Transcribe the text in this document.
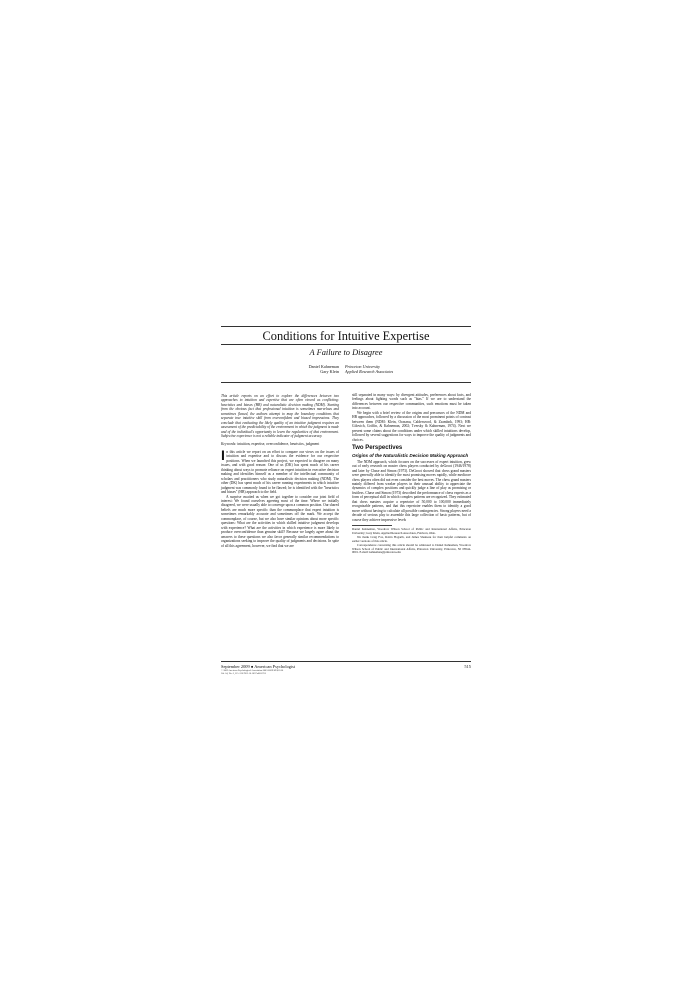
Conditions for Intuitive Expertise
A Failure to Disagree
Daniel Kahneman
Gary Klein
Princeton University
Applied Research Associates

This article reports on an effort to explore the differences between two approaches to intuition and expertise that are often viewed as conflicting: heuristics and biases (HB) and naturalistic decision making (NDM). Starting from the obvious fact that professional intuition is sometimes marvelous and sometimes flawed, the authors attempt to map the boundary conditions that separate true intuitive skill from overconfident and biased impressions. They conclude that evaluating the likely quality of an intuitive judgment requires an assessment of the predictability of the environment in which the judgment is made and of the individual's opportunity to learn the regularities of that environment. Subjective experience is not a reliable indicator of judgment accuracy.

Keywords: intuition, expertise, overconfidence, heuristics, judgment

In this article we report on an effort to compare our views on the issues of intuition and expertise and to discuss the evidence for our respective positions. When we launched this project, we expected to disagree on many issues, and with good reason: One of us (DK) has spent much of his career thinking about ways to promote reliance on expert intuition in executive decision making and identifies himself as a member of the intellectual community of scholars and practitioners who study naturalistic decision making (NDM). The other (DK) has spent much of his career running experiments in which intuitive judgment was commonly found to be flawed; he is identified with the "heuristics and biases" (HB) approach to the field.

A surprise awaited us when we got together to consider our joint field of interest: We found ourselves agreeing most of the time. Where we initially disagreed, we were usually able to converge upon a common position. Our shared beliefs are much more specific than the commonplace that expert intuition is sometimes remarkably accurate and sometimes off the mark. We accept the commonplace, of course, but we also have similar opinions about more specific questions: What are the activities in which skilled intuitive judgment develops with experience? What are the activities in which experience is more likely to produce overconfidence than genuine skill? Because we largely agree about the answers to these questions we also favor generally similar recommendations to organizations seeking to improve the quality of judgments and decisions. In spite of all this agreement, however, we find that we are

still separated in many ways: by divergent attitudes, preferences about facts, and feelings about fighting words such as "bias." If we are to understand the differences between our respective communities, such emotions must be taken into account.

We begin with a brief review of the origins and precursors of the NDM and HB approaches, followed by a discussion of the most prominent points of contrast between them (NDM: Klein, Orasanu, Calderwood, & Zsambok, 1993; HB: Gilovich, Griffin, & Kahneman, 2002; Tversky & Kahneman, 1974). Next we present some claims about the conditions under which skilled intuitions develop, followed by several suggestions for ways to improve the quality of judgments and choices.

Two Perspectives

Origins of the Naturalistic Decision Making Approach

The NDM approach, which focuses on the successes of expert intuition, grew out of early research on master chess players conducted by deGroot (1946/1978) and later by Chase and Simon (1973). DeGroot showed that chess grand masters were generally able to identify the most promising moves rapidly, while mediocre chess players often did not even consider the best moves. The chess grand masters mainly differed from weaker players in their unusual ability to appreciate the dynamics of complex positions and quickly judge a line of play as promising or fruitless. Chase and Simon (1973) described the performance of chess experts as a form of perceptual skill in which complex patterns are recognized. They estimated that chess masters acquire a repertoire of 50,000 to 100,000 immediately recognizable patterns, and that this repertoire enables them to identify a good move without having to calculate all possible contingencies. Strong players need a decade of serious play to assemble this large collection of basic patterns, but of course they achieve impressive levels

Daniel Kahneman, Woodrow Wilson School of Public and International Affairs, Princeton University; Gary Klein, Applied Research Associates, Fairborn, Ohio.

We thank Craig Fox, Robin Hogarth, and James Shanteau for their helpful comments on earlier versions of this article.

Correspondence concerning this article should be addressed to Daniel Kahneman, Woodrow Wilson School of Public and International Affairs, Princeton University, Princeton, NJ 08544-0001. E-mail: kahneman@princeton.edu

September 2009 ● American Psychologist	515
© 2009 American Psychological Association 0003-066X/09/$12.00
Vol. 64, No. 6, 515–526 DOI: 10.1037/a0016755
